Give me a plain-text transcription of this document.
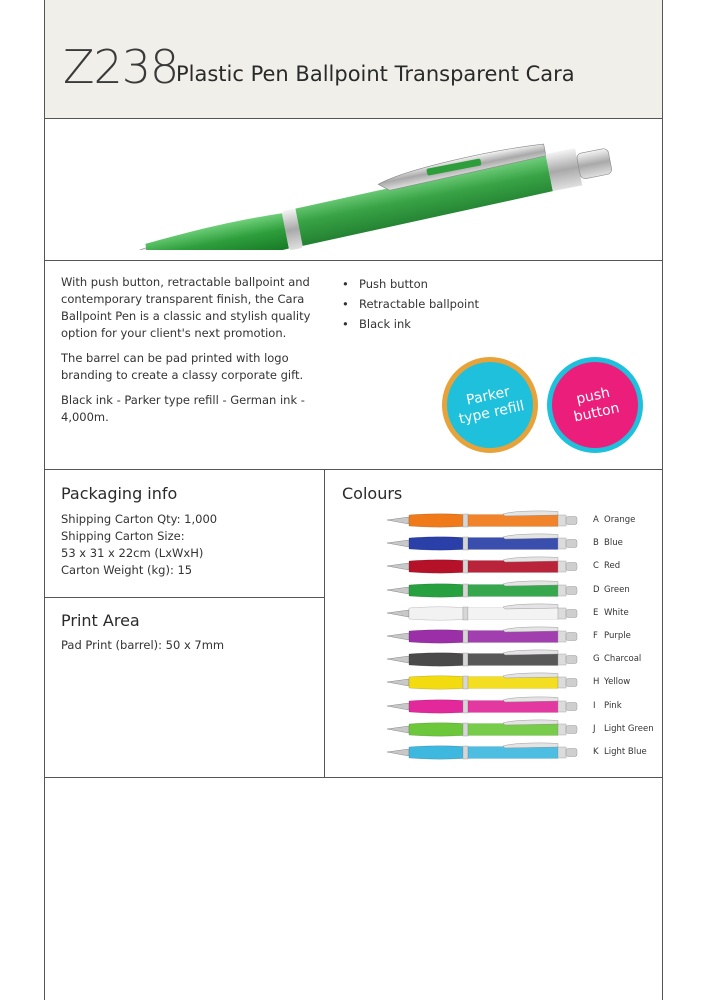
Z238
Plastic Pen Ballpoint Transparent Cara

With push button, retractable ballpoint and contemporary transparent finish, the Cara Ballpoint Pen is a classic and stylish quality option for your client's next promotion.

The barrel can be pad printed with logo branding to create a classy corporate gift.

Black ink - Parker type refill - German ink - 4,000m.

• Push button
• Retractable ballpoint
• Black ink
Parker type refill
push button
Packaging info
Shipping Carton Qty: 1,000
Shipping Carton Size:
53 x 31 x 22cm (LxWxH)
Carton Weight (kg): 15
Print Area
Pad Print (barrel): 50 x 7mm
Colours
A Orange
B Blue
C Red
D Green
E White
F Purple
G Charcoal
H Yellow
I Pink
J Light Green
K Light Blue
